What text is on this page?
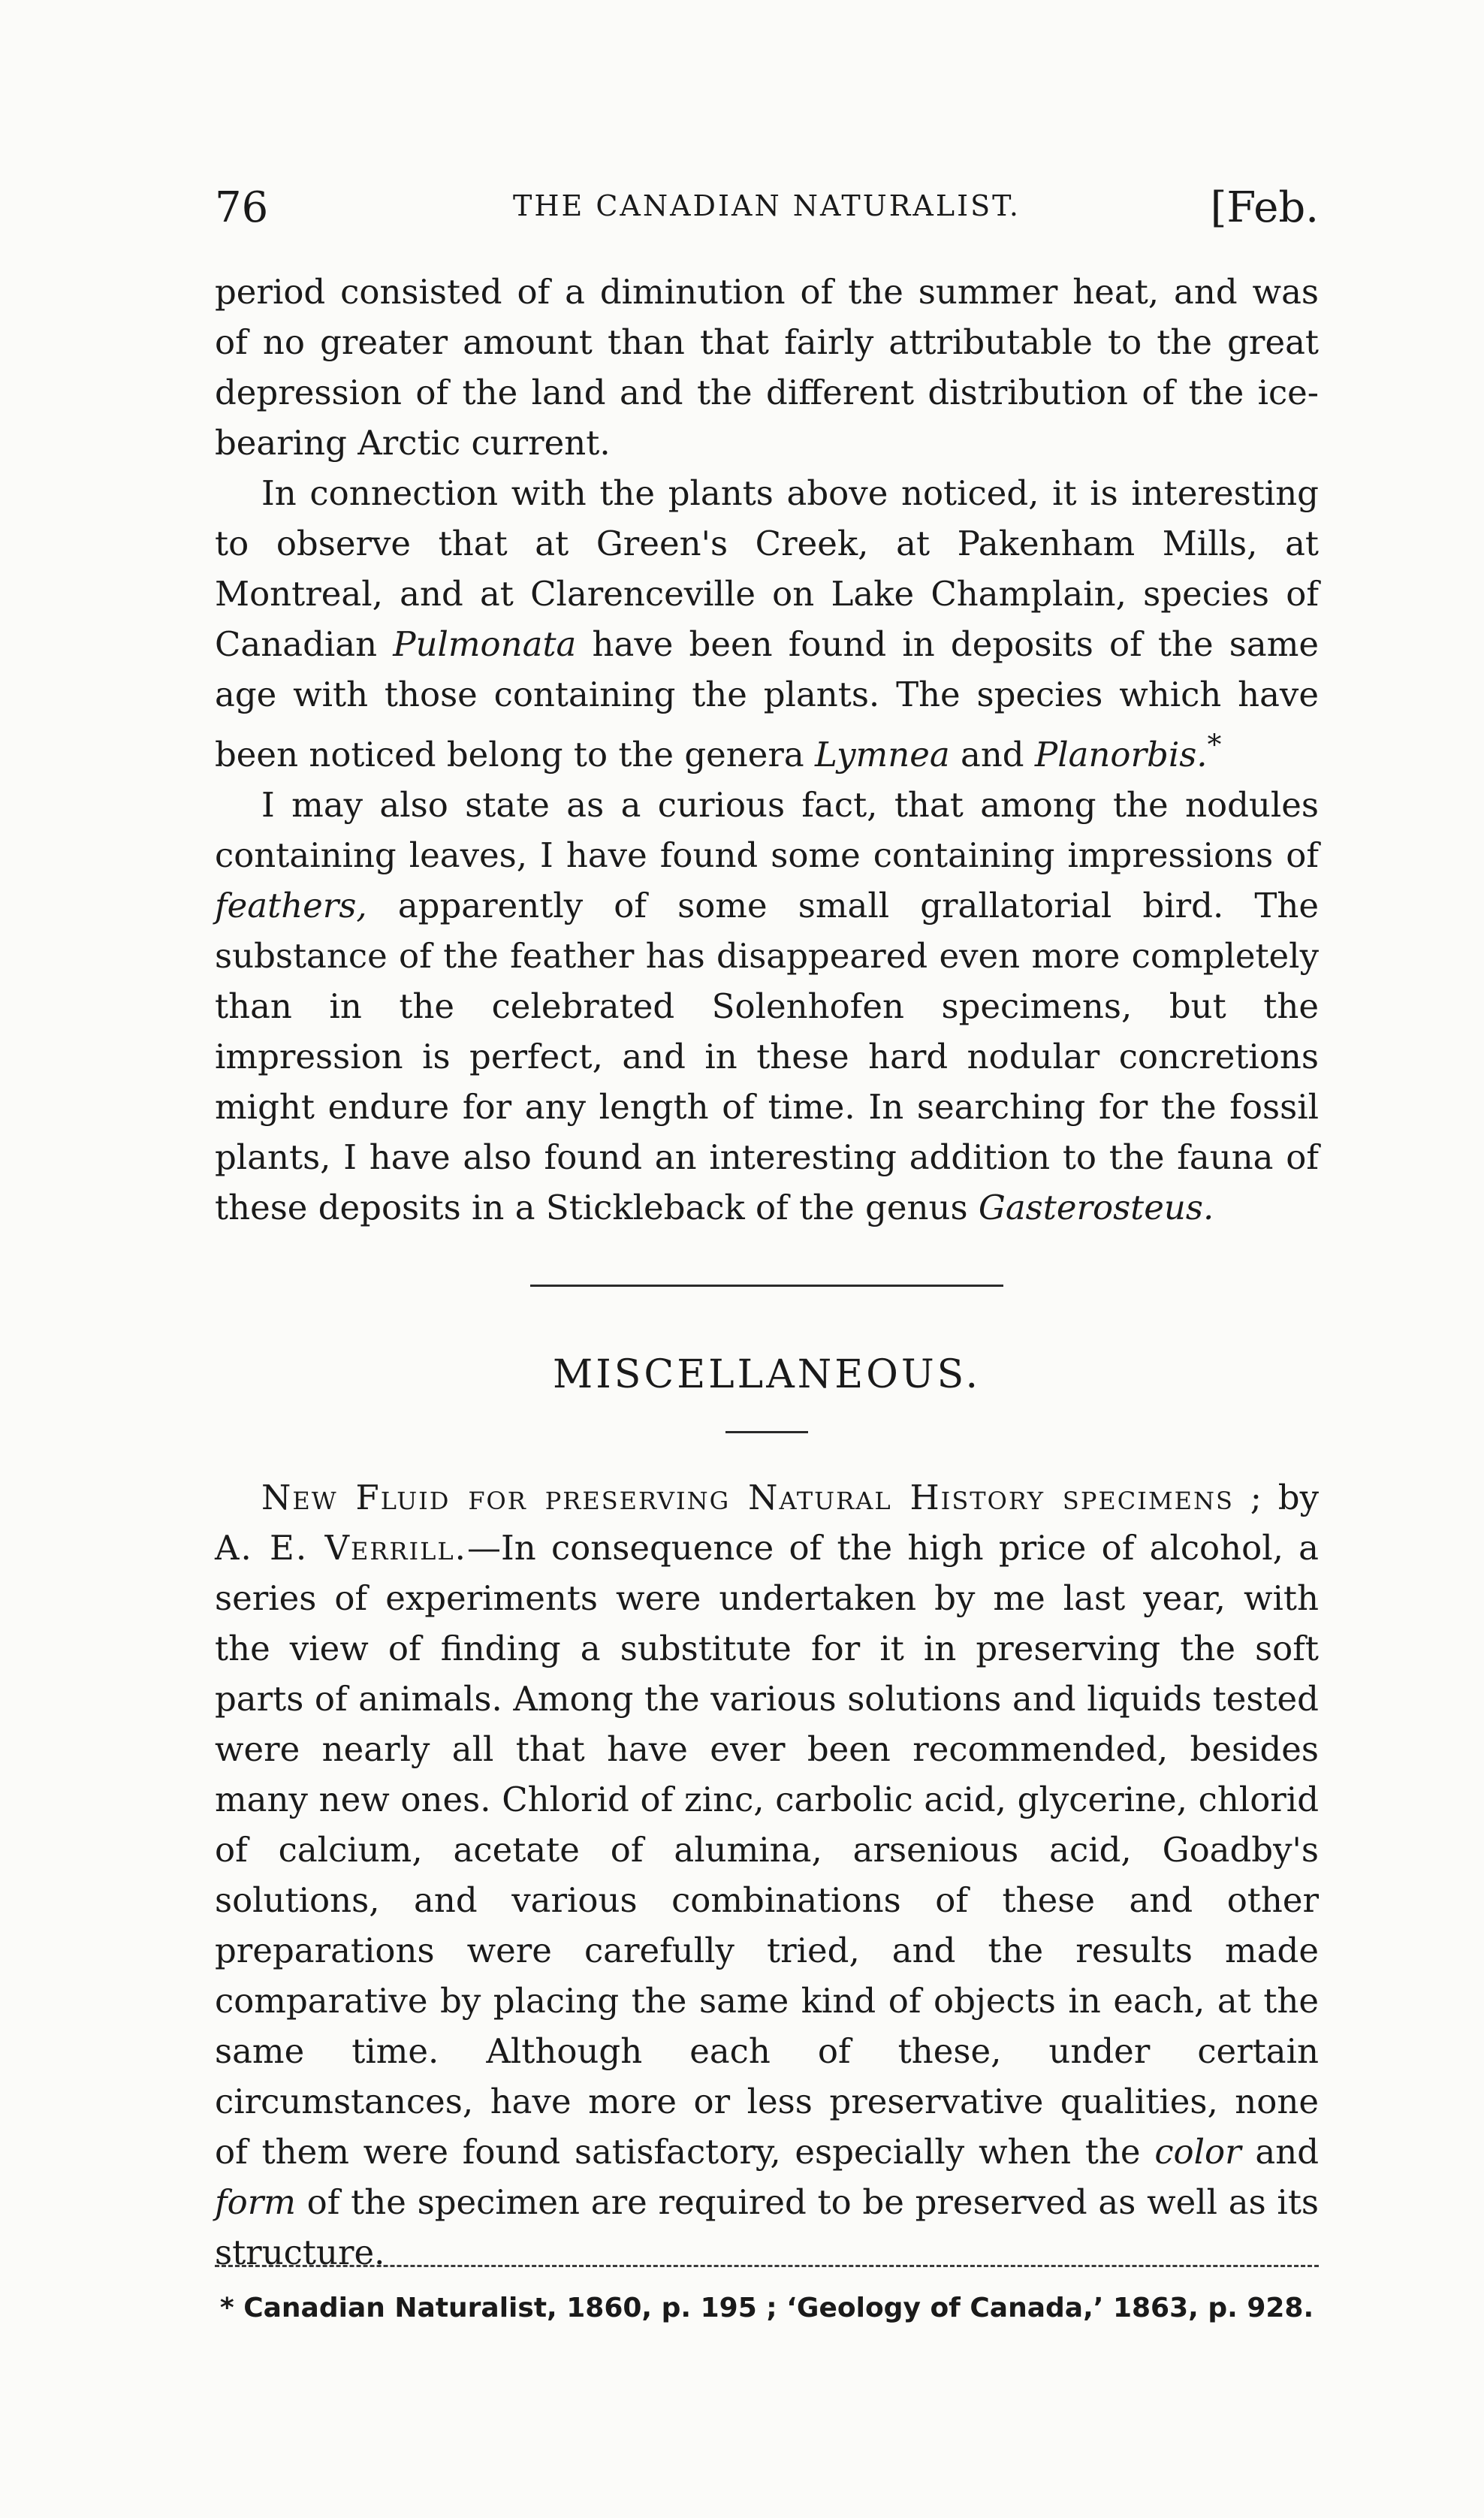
76	THE CANADIAN NATURALIST.	[Feb.

period consisted of a diminution of the summer heat, and was of no greater amount than that fairly attributable to the great depression of the land and the different distribution of the ice-bearing Arctic current.

In connection with the plants above noticed, it is interesting to observe that at Green's Creek, at Pakenham Mills, at Montreal, and at Clarenceville on Lake Champlain, species of Canadian Pulmonata have been found in deposits of the same age with those containing the plants. The species which have been noticed belong to the genera Lymnea and Planorbis.*

I may also state as a curious fact, that among the nodules containing leaves, I have found some containing impressions of feathers, apparently of some small grallatorial bird. The substance of the feather has disappeared even more completely than in the celebrated Solenhofen specimens, but the impression is perfect, and in these hard nodular concretions might endure for any length of time. In searching for the fossil plants, I have also found an interesting addition to the fauna of these deposits in a Stickleback of the genus Gasterosteus.

MISCELLANEOUS.

New Fluid for preserving Natural History specimens ; by A. E. Verrill.—In consequence of the high price of alcohol, a series of experiments were undertaken by me last year, with the view of finding a substitute for it in preserving the soft parts of animals. Among the various solutions and liquids tested were nearly all that have ever been recommended, besides many new ones. Chlorid of zinc, carbolic acid, glycerine, chlorid of calcium, acetate of alumina, arsenious acid, Goadby's solutions, and various combinations of these and other preparations were carefully tried, and the results made comparative by placing the same kind of objects in each, at the same time. Although each of these, under certain circumstances, have more or less preservative qualities, none of them were found satisfactory, especially when the color and form of the specimen are required to be preserved as well as its structure.

* Canadian Naturalist, 1860, p. 195 ; ‘Geology of Canada,’ 1863, p. 928.
